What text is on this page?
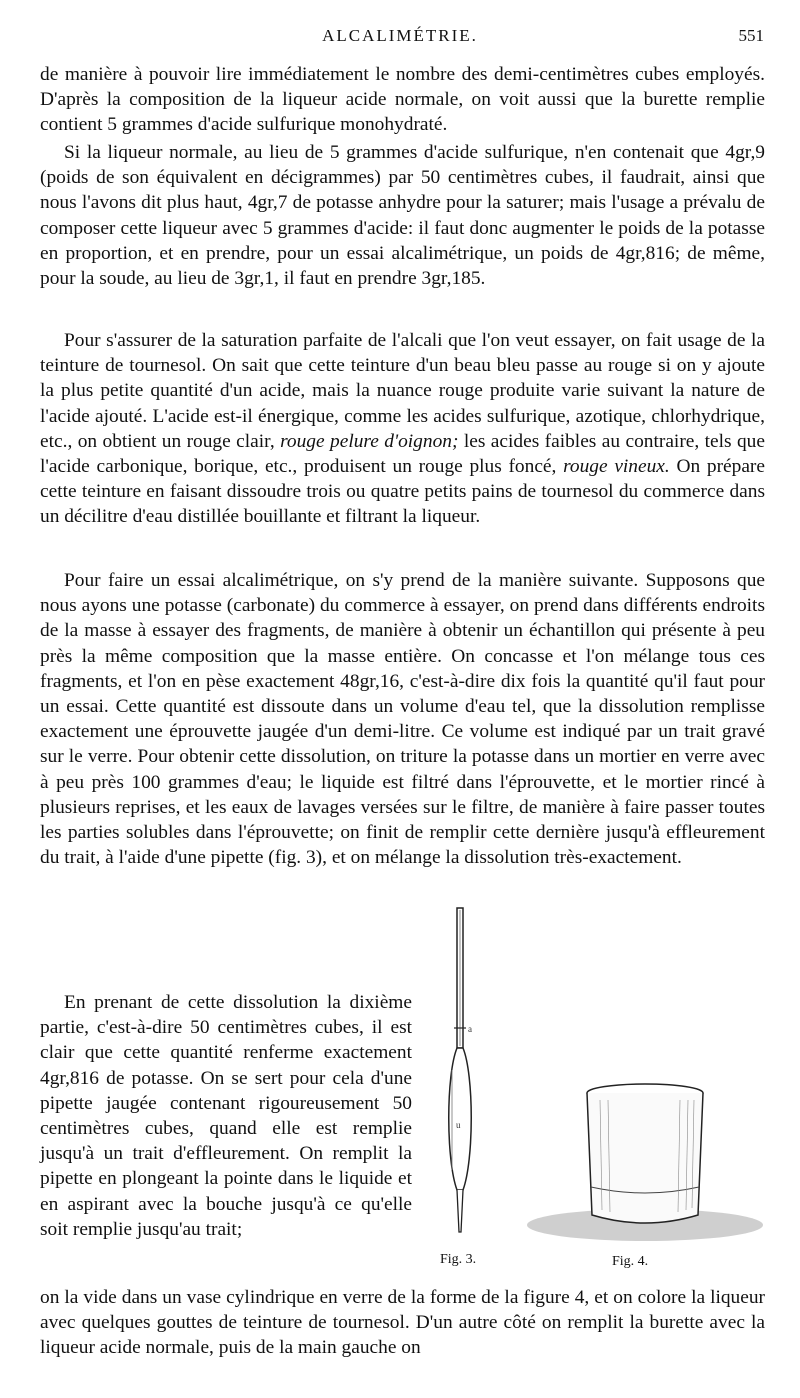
ALCALIMÉTRIE.	551
de manière à pouvoir lire immédiatement le nombre des demi-centimètres cubes employés. D'après la composition de la liqueur acide normale, on voit aussi que la burette remplie contient 5 grammes d'acide sulfurique monohydraté.
Si la liqueur normale, au lieu de 5 grammes d'acide sulfurique, n'en contenait que 4gr,9 (poids de son équivalent en décigrammes) par 50 centimètres cubes, il faudrait, ainsi que nous l'avons dit plus haut, 4gr,7 de potasse anhydre pour la saturer; mais l'usage a prévalu de composer cette liqueur avec 5 grammes d'acide: il faut donc augmenter le poids de la potasse en proportion, et en prendre, pour un essai alcalimétrique, un poids de 4gr,816; de même, pour la soude, au lieu de 3gr,1, il faut en prendre 3gr,185.
Pour s'assurer de la saturation parfaite de l'alcali que l'on veut essayer, on fait usage de la teinture de tournesol. On sait que cette teinture d'un beau bleu passe au rouge si on y ajoute la plus petite quantité d'un acide, mais la nuance rouge produite varie suivant la nature de l'acide ajouté. L'acide est-il énergique, comme les acides sulfurique, azotique, chlorhydrique, etc., on obtient un rouge clair, rouge pelure d'oignon; les acides faibles au contraire, tels que l'acide carbonique, borique, etc., produisent un rouge plus foncé, rouge vineux. On prépare cette teinture en faisant dissoudre trois ou quatre petits pains de tournesol du commerce dans un décilitre d'eau distillée bouillante et filtrant la liqueur.
Pour faire un essai alcalimétrique, on s'y prend de la manière suivante. Supposons que nous ayons une potasse (carbonate) du commerce à essayer, on prend dans différents endroits de la masse à essayer des fragments, de manière à obtenir un échantillon qui présente à peu près la même composition que la masse entière. On concasse et l'on mélange tous ces fragments, et l'on en pèse exactement 48gr,16, c'est-à-dire dix fois la quantité qu'il faut pour un essai. Cette quantité est dissoute dans un volume d'eau tel, que la dissolution remplisse exactement une éprouvette jaugée d'un demi-litre. Ce volume est indiqué par un trait gravé sur le verre. Pour obtenir cette dissolution, on triture la potasse dans un mortier en verre avec à peu près 100 grammes d'eau; le liquide est filtré dans l'éprouvette, et le mortier rincé à plusieurs reprises, et les eaux de lavages versées sur le filtre, de manière à faire passer toutes les parties solubles dans l'éprouvette; on finit de remplir cette dernière jusqu'à effleurement du trait, à l'aide d'une pipette (fig. 3), et on mélange la dissolution très-exactement.
En prenant de cette dissolution la dixième partie, c'est-à-dire 50 centimètres cubes, il est clair que cette quantité renferme exactement 4gr,816 de potasse. On se sert pour cela d'une pipette jaugée contenant rigoureusement 50 centimètres cubes, quand elle est remplie jusqu'à un trait d'effleurement. On remplit la pipette en plongeant la pointe dans le liquide et en aspirant avec la bouche jusqu'à ce qu'elle soit remplie jusqu'au trait;
on la vide dans un vase cylindrique en verre de la forme de la figure 4, et on colore la liqueur avec quelques gouttes de teinture de tournesol. D'un autre côté on remplit la burette avec la liqueur acide normale, puis de la main gauche on
a
u
Fig. 3.	Fig. 4.
